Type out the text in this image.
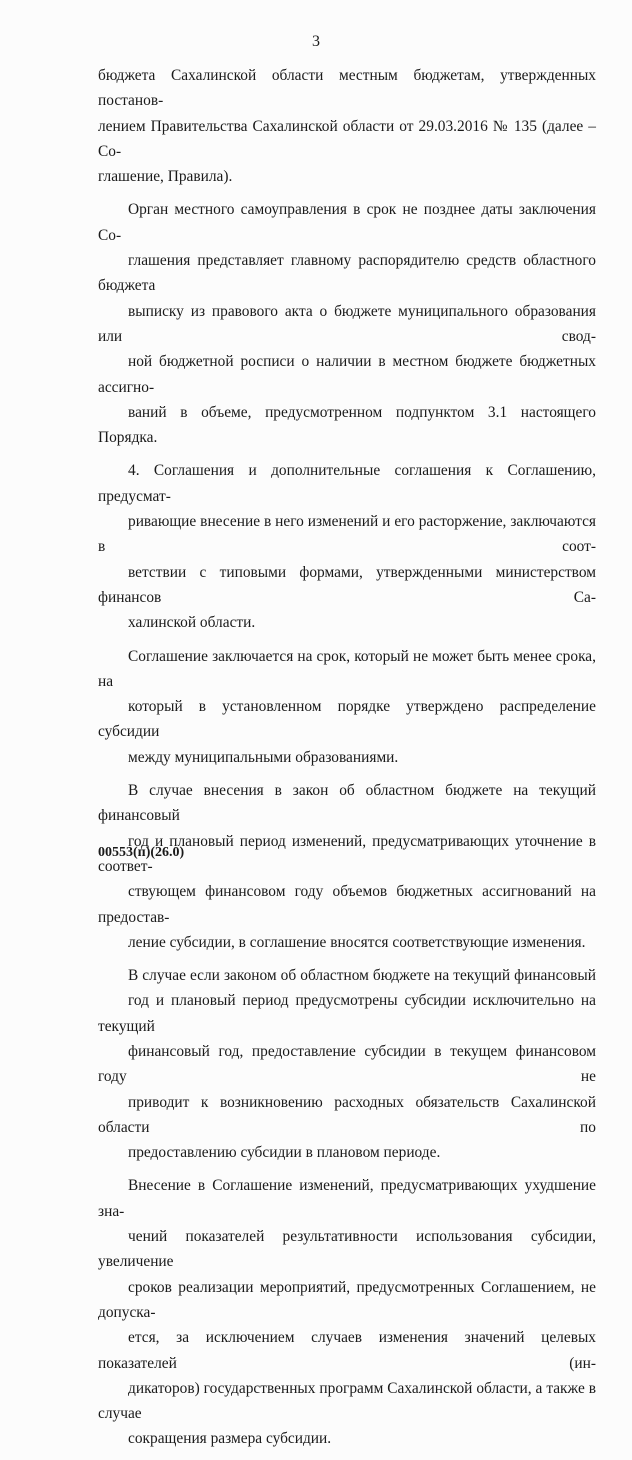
3

бюджета Сахалинской области местным бюджетам, утвержденных постанов-
лением Правительства Сахалинской области от 29.03.2016 № 135 (далее – Со-
глашение, Правила).

Орган местного самоуправления в срок не позднее даты заключения Со-
глашения представляет главному распорядителю средств областного бюджета
выписку из правового акта о бюджете муниципального образования или свод-
ной бюджетной росписи о наличии в местном бюджете бюджетных ассигно-
ваний в объеме, предусмотренном подпунктом 3.1 настоящего Порядка.

4. Соглашения и дополнительные соглашения к Соглашению, предусмат-
ривающие внесение в него изменений и его расторжение, заключаются в соот-
ветствии с типовыми формами, утвержденными министерством финансов Са-
халинской области.

Соглашение заключается на срок, который не может быть менее срока, на
который в установленном порядке утверждено распределение субсидии
между муниципальными образованиями.

В случае внесения в закон об областном бюджете на текущий финансовый
год и плановый период изменений, предусматривающих уточнение в соответ-
ствующем финансовом году объемов бюджетных ассигнований на предостав-
ление субсидии, в соглашение вносятся соответствующие изменения.

В случае если законом об областном бюджете на текущий финансовый
год и плановый период предусмотрены субсидии исключительно на текущий
финансовый год, предоставление субсидии в текущем финансовом году не
приводит к возникновению расходных обязательств Сахалинской области по
предоставлению субсидии в плановом периоде.

Внесение в Соглашение изменений, предусматривающих ухудшение зна-
чений показателей результативности использования субсидии, увеличение
сроков реализации мероприятий, предусмотренных Соглашением, не допуска-
ется, за исключением случаев изменения значений целевых показателей (ин-
дикаторов) государственных программ Сахалинской области, а также в случае
сокращения размера субсидии.

00553(п)(26.0)
